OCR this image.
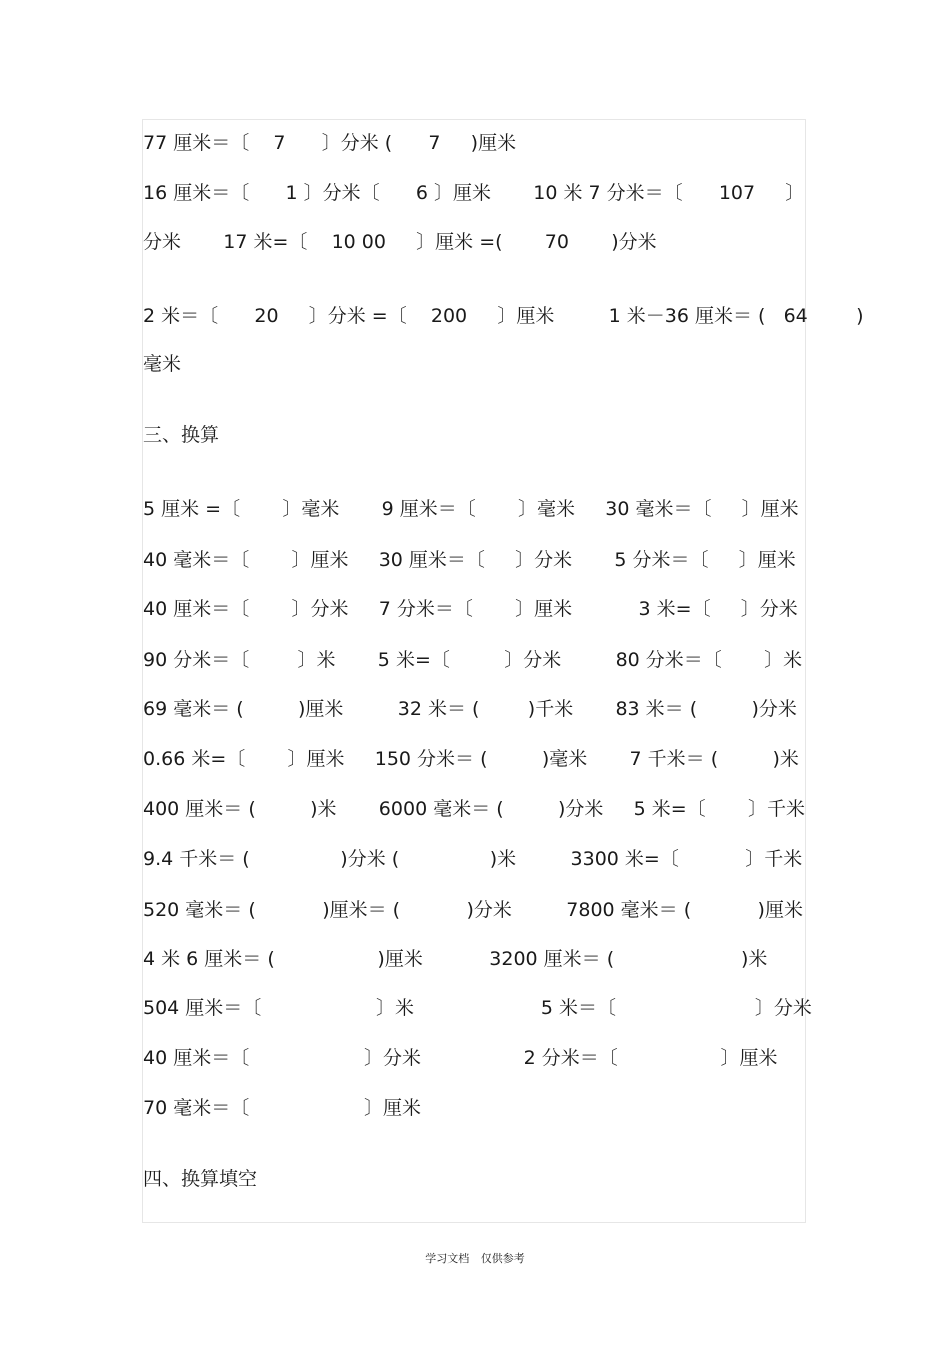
77 厘米＝〔    7      〕分米 (      7     )厘米
16 厘米＝〔      1 〕分米〔      6 〕厘米       10 米 7 分米＝〔      107     〕
分米       17 米=〔    10 00     〕厘米 =(       70       )分米
2 米＝〔      20     〕分米 =〔    200     〕厘米         1 米－36 厘米＝ (   64        )
毫米
三、换算
5 厘米 =〔       〕毫米       9 厘米＝〔       〕毫米     30 毫米＝〔     〕厘米
40 毫米＝〔       〕厘米     30 厘米＝〔     〕分米       5 分米＝〔     〕厘米
40 厘米＝〔       〕分米     7 分米＝〔       〕厘米           3 米=〔     〕分米
90 分米＝〔        〕米       5 米=〔         〕分米         80 分米＝〔       〕米
69 毫米＝ (         )厘米         32 米＝ (        )千米       83 米＝ (         )分米
0.66 米=〔       〕厘米     150 分米＝ (         )毫米       7 千米＝ (         )米
400 厘米＝ (         )米       6000 毫米＝ (         )分米     5 米=〔       〕千米
9.4 千米＝ (               )分米 (               )米         3300 米=〔           〕千米
520 毫米＝ (           )厘米＝ (           )分米         7800 毫米＝ (           )厘米
4 米 6 厘米＝ (                 )厘米           3200 厘米＝ (                     )米
504 厘米＝〔                   〕米                     5 米＝〔                       〕分米
40 厘米＝〔                   〕分米                 2 分米＝〔                 〕厘米
70 毫米＝〔                   〕厘米
四、换算填空
学习文档 仅供参考
